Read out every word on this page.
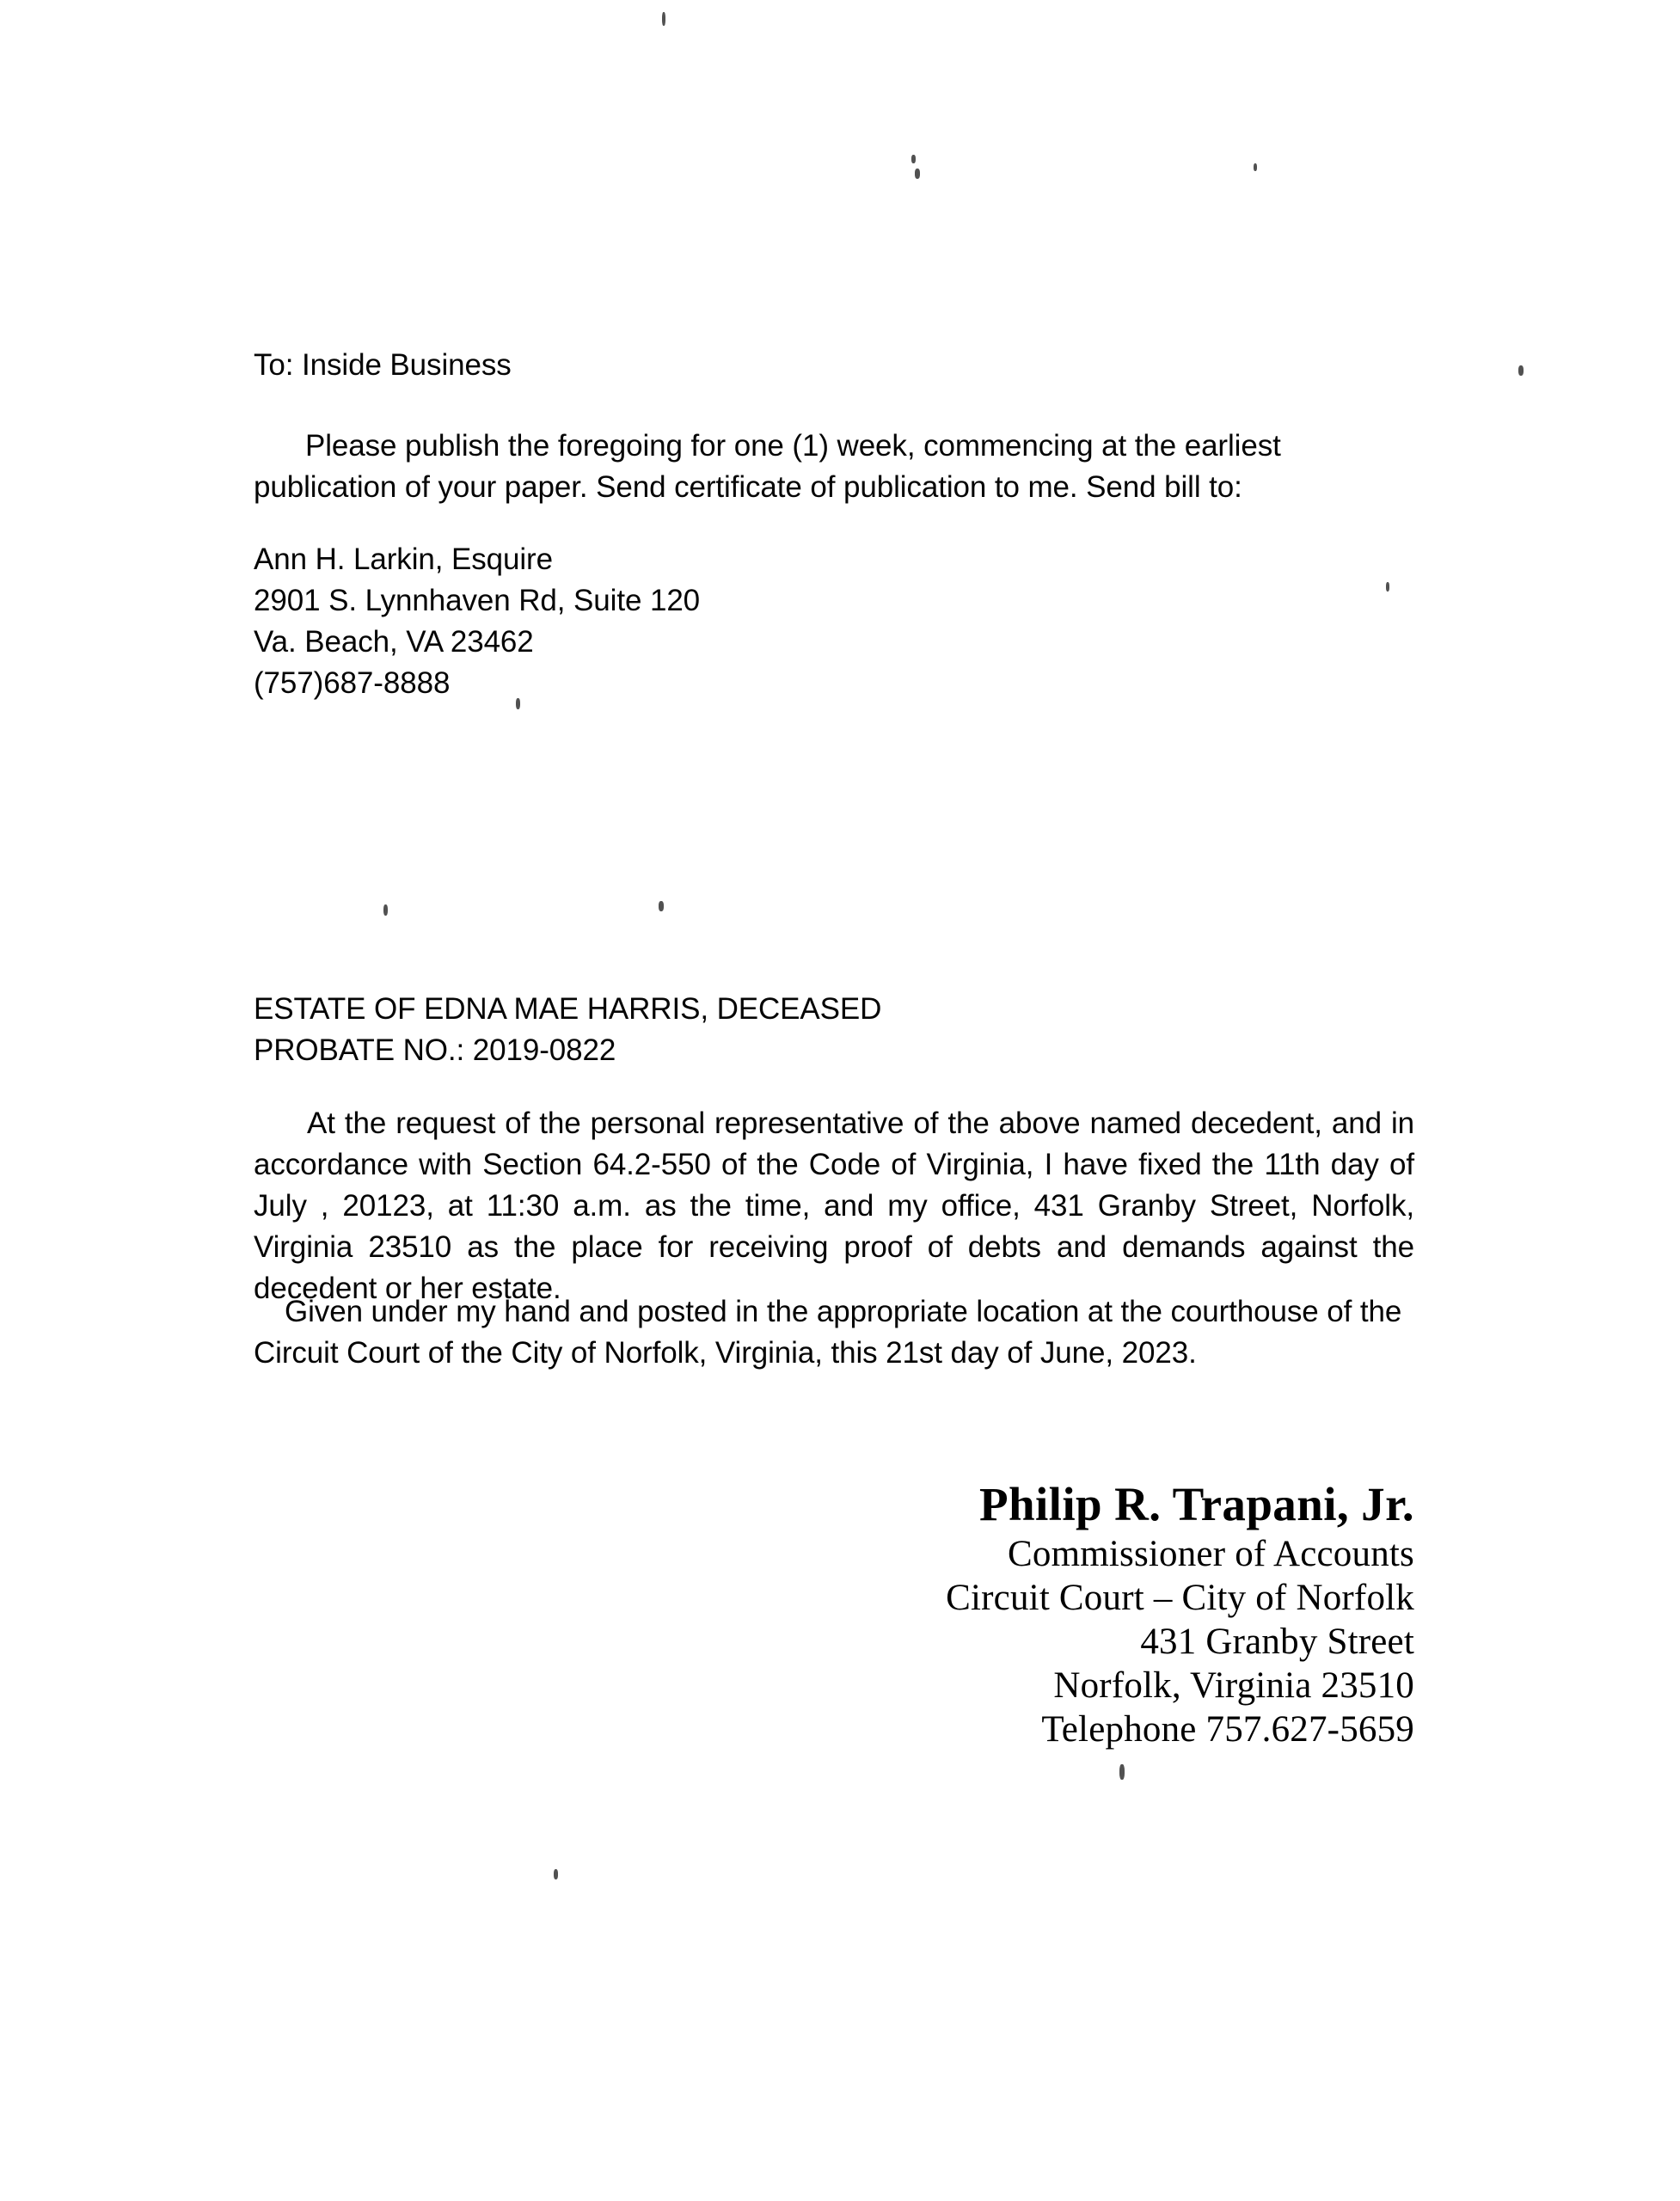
To: Inside Business
Please publish the foregoing for one (1) week, commencing at the earliest
publication of your paper. Send certificate of publication to me. Send bill to:
Ann H. Larkin, Esquire
2901 S. Lynnhaven Rd, Suite 120
Va. Beach, VA 23462
(757)687-8888
ESTATE OF EDNA MAE HARRIS, DECEASED
PROBATE NO.: 2019-0822
At the request of the personal representative of the above named decedent, and in accordance with Section 64.2-550 of the Code of Virginia, I have fixed the 11th day of July , 20123, at 11:30 a.m. as the time, and my office, 431 Granby Street, Norfolk, Virginia 23510 as the place for receiving proof of debts and demands against the decedent or her estate.
Given under my hand and posted in the appropriate location at the courthouse of the Circuit Court of the City of Norfolk, Virginia, this 21st day of June, 2023.
Philip R. Trapani, Jr.
Commissioner of Accounts
Circuit Court – City of Norfolk
431 Granby Street
Norfolk, Virginia 23510
Telephone 757.627-5659
